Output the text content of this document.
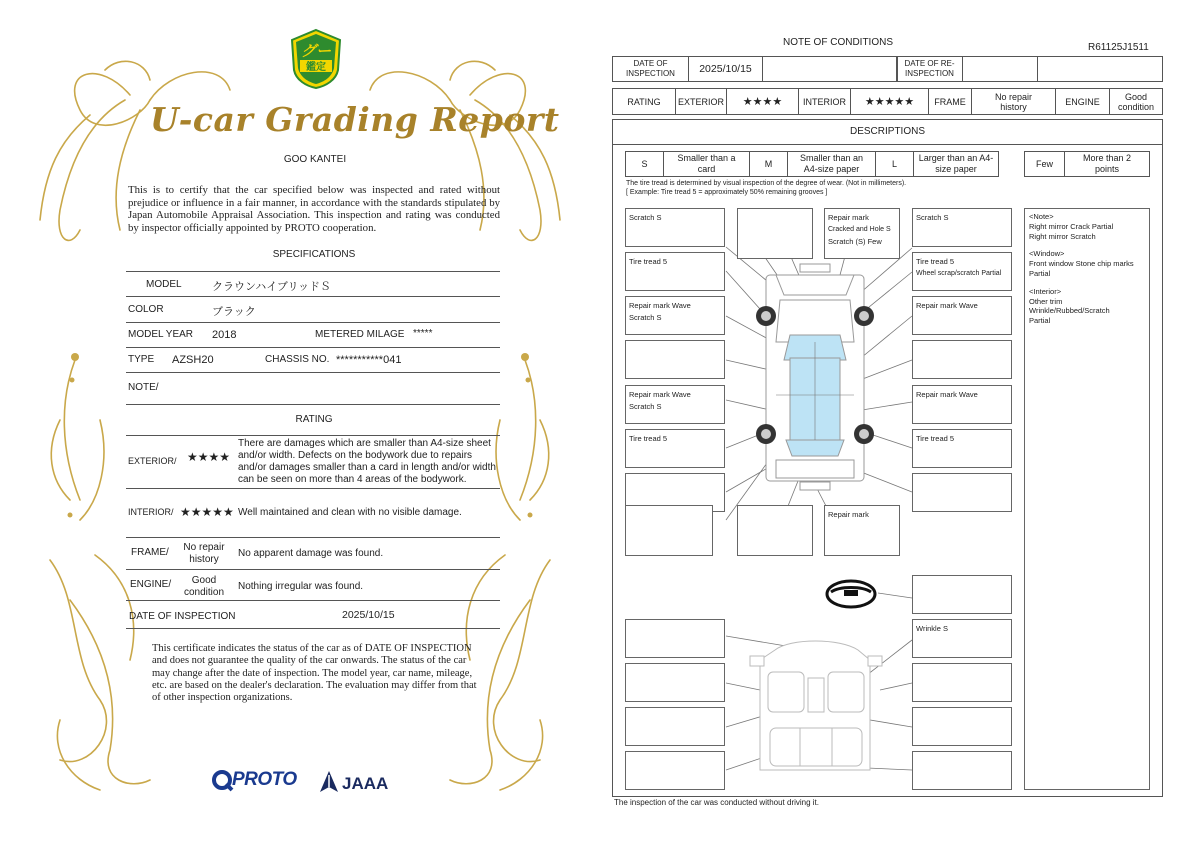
グー
鑑定
U-car Grading Report
GOO KANTEI
This is to certify that the car specified below was inspected and rated without prejudice or influence in a fair manner, in accordance with the standards stipulated by Japan Automobile Appraisal Association. This inspection and rating was conducted by inspector officially appointed by PROTO cooperation.
SPECIFICATIONS
MODEL	クラウンハイブリッドＳ
COLOR	ブラック
MODEL YEAR 2018	METERED MILAGE *****
TYPE AZSH20	CHASSIS NO. ***********041
NOTE/
RATING
EXTERIOR/ ★★★★
There are damages which are smaller than A4-size sheet and/or width. Defects on the bodywork due to repairs and/or damages smaller than a card in length and/or width can be seen on more than 4 areas of the bodywork.
INTERIOR/ ★★★★★ Well maintained and clean with no visible damage.
FRAME/	No repair history
No apparent damage was found.
ENGINE/	Good condition
Nothing irregular was found.
DATE OF INSPECTION	2025/10/15
This certificate indicates the status of the car as of DATE OF INSPECTION and does not guarantee the quality of the car onwards. The status of the car may change after the date of inspection. The model year, car name, mileage, etc. are based on the dealer's declaration. The evaluation may differ from that of other inspection organizations.
PROTO	JAAA
NOTE OF CONDITIONS	R61125J1511
DATE OF INSPECTION	2025/10/15	DATE OF RE-INSPECTION
RATING	EXTERIOR	★★★★	INTERIOR	★★★★★	FRAME	No repair history	ENGINE	Good condition
DESCRIPTIONS
S
Smaller than a card
M
Smaller than an A4-size paper
L
Larger than an A4-size paper
Few
More than 2 points
The tire tread is determined by visual inspection of the degree of wear. (Not in millimeters).
[ Example: Tire tread 5 = approximately 50% remaining grooves ]
Scratch S
Tire tread 5
Repair mark Wave
Scratch S
Repair mark Wave
Scratch S
Tire tread 5
Repair mark
Cracked and Hole S
Scratch (S) Few
Repair mark
Scratch S
Tire tread 5
Wheel scrap/scratch Partial
Repair mark Wave
Repair mark Wave
Tire tread 5
Wrinkle S
<Note>
Right mirror Crack Partial
Right mirror Scratch
<Window>
Front window Stone chip marks Partial
<Interior>
Other trim
Wrinkle/Rubbed/Scratch
Partial
The inspection of the car was conducted without driving it.
